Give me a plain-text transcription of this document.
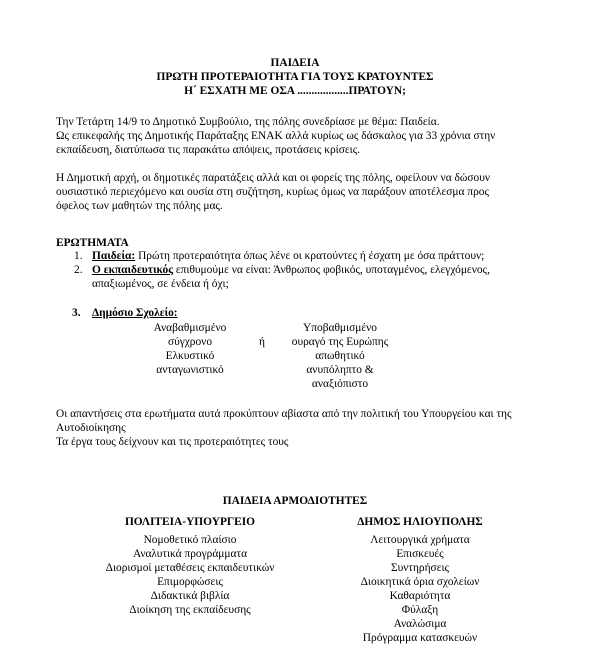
ΠΑΙΔΕΙΑ
ΠΡΩΤΗ ΠΡΟΤΕΡΑΙΟΤΗΤΑ ΓΙΑ ΤΟΥΣ ΚΡΑΤΟΥΝΤΕΣ
Η΄ ΕΣΧΑΤΗ ΜΕ ΟΣΑ ..................ΠΡΑΤΟΥΝ;
Την Τετάρτη 14/9 το Δημοτικό Συμβούλιο, της πόλης συνεδρίασε με θέμα: Παιδεία.
Ως επικεφαλής της Δημοτικής Παράταξης ΕΝΑΚ αλλά κυρίως ως δάσκαλος για 33 χρόνια στην
εκπαίδευση, διατύπωσα τις παρακάτω απόψεις, προτάσεις κρίσεις.
Η Δημοτική αρχή, οι δημοτικές παρατάξεις αλλά και οι φορείς της πόλης, οφείλουν να δώσουν
ουσιαστικό περιεχόμενο και ουσία στη συζήτηση, κυρίως όμως να παράξουν αποτέλεσμα προς
όφελος των μαθητών της πόλης μας.
ΕΡΩΤΗΜΑΤΑ
1. Παιδεία: Πρώτη προτεραιότητα όπως λένε οι κρατούντες ή έσχατη με όσα πράττουν;
2. Ο εκπαιδευτικός επιθυμούμε να είναι: Άνθρωπος φοβικός, υποταγμένος, ελεγχόμενος,
απαξιωμένος, σε ένδεια ή όχι;
3. Δημόσιο Σχολείο:
Αναβαθμισμένο
σύγχρονο
Ελκυστικό
ανταγωνιστικό
ή
Υποβαθμισμένο
ουραγό της Ευρώπης
απωθητικό
ανυπόληπτο &
αναξιόπιστο
Οι απαντήσεις στα ερωτήματα αυτά προκύπτουν αβίαστα από την πολιτική του Υπουργείου και της
Αυτοδιοίκησης
Τα έργα τους δείχνουν και τις προτεραιότητες τους
ΠΑΙΔΕΙΑ ΑΡΜΟΔΙΟΤΗΤΕΣ
ΠΟΛΙΤΕΙΑ-ΥΠΟΥΡΓΕΙΟ	ΔΗΜΟΣ ΗΛΙΟΥΠΟΛΗΣ
Νομοθετικό πλαίσιο
Αναλυτικά προγράμματα
Διορισμοί μεταθέσεις εκπαιδευτικών
Επιμορφώσεις
Διδακτικά βιβλία
Διοίκηση της εκπαίδευσης
Λειτουργικά χρήματα
Επισκευές
Συντηρήσεις
Διοικητικά όρια σχολείων
Καθαριότητα
Φύλαξη
Αναλώσιμα
Πρόγραμμα κατασκευών
